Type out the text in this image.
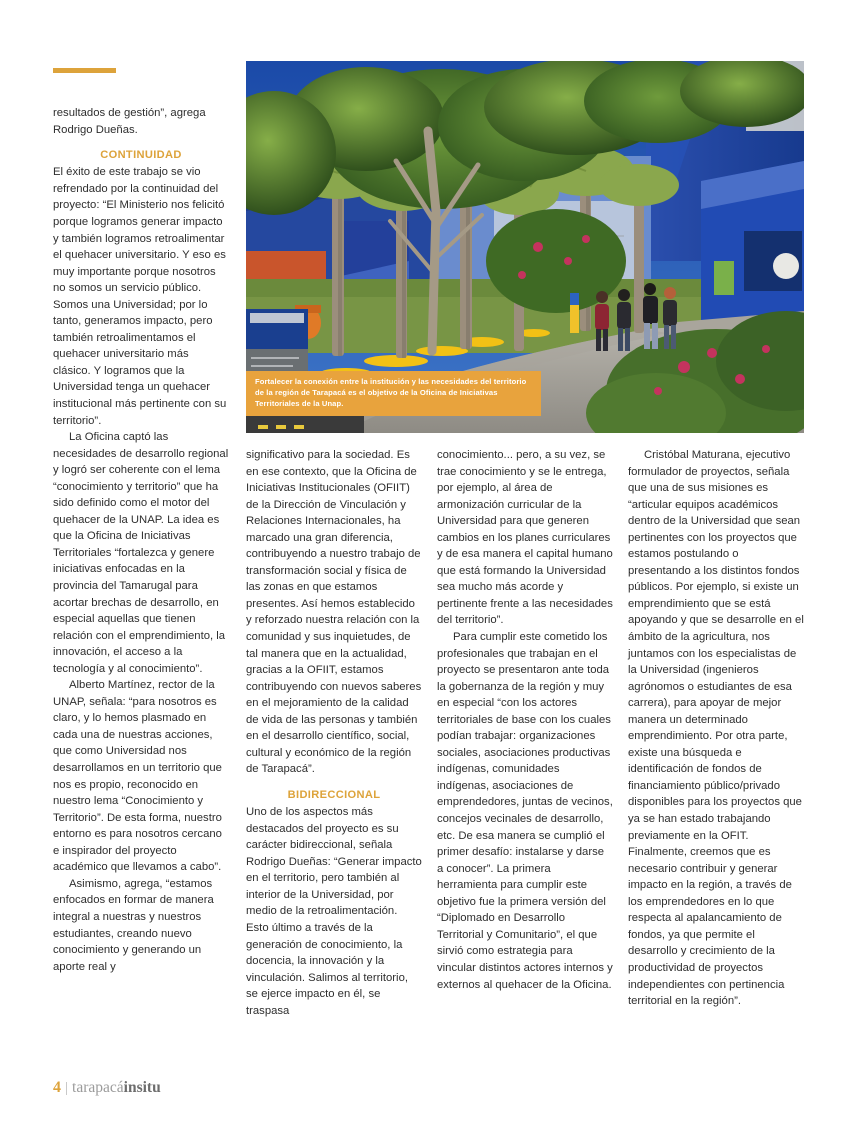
Fortalecer la conexión entre la institución y las necesidades del territorio de la región de Tarapacá es el objetivo de la Oficina de Iniciativas Territoriales de la Unap.

resultados de gestión”, agrega Rodrigo Dueñas.

CONTINUIDAD

El éxito de este trabajo se vio refrendado por la continuidad del proyecto: “El Ministerio nos felicitó porque logramos generar impacto y también logramos retroalimentar el quehacer universitario. Y eso es muy importante porque nosotros no somos un servicio público. Somos una Universidad; por lo tanto, generamos impacto, pero también retroalimentamos el quehacer universitario más clásico. Y logramos que la Universidad tenga un quehacer institucional más pertinente con su territorio”.

La Oficina captó las necesidades de desarrollo regional y logró ser coherente con el lema “conocimiento y territorio” que ha sido definido como el motor del quehacer de la UNAP. La idea es que la Oficina de Iniciativas Territoriales “fortalezca y genere iniciativas enfocadas en la provincia del Tamarugal para acortar brechas de desarrollo, en especial aquellas que tienen relación con el emprendimiento, la innovación, el acceso a la tecnología y al conocimiento”.

Alberto Martínez, rector de la UNAP, señala: “para nosotros es claro, y lo hemos plasmado en cada una de nuestras acciones, que como Universidad nos desarrollamos en un territorio que nos es propio, reconocido en nuestro lema “Conocimiento y Territorio”. De esta forma, nuestro entorno es para nosotros cercano e inspirador del proyecto académico que llevamos a cabo”.

Asimismo, agrega, “estamos enfocados en formar de manera integral a nuestras y nuestros estudiantes, creando nuevo conocimiento y generando un aporte real y

significativo para la sociedad. Es en ese contexto, que la Oficina de Iniciativas Institucionales (OFIIT) de la Dirección de Vinculación y Relaciones Internacionales, ha marcado una gran diferencia, contribuyendo a nuestro trabajo de transformación social y física de las zonas en que estamos presentes. Así hemos establecido y reforzado nuestra relación con la comunidad y sus inquietudes, de tal manera que en la actualidad, gracias a la OFIIT, estamos contribuyendo con nuevos saberes en el mejoramiento de la calidad de vida de las personas y también en el desarrollo científico, social, cultural y económico de la región de Tarapacá”.

BIDIRECCIONAL

Uno de los aspectos más destacados del proyecto es su carácter bidireccional, señala Rodrigo Dueñas: “Generar impacto en el territorio, pero también al interior de la Universidad, por medio de la retroalimentación. Esto último a través de la generación de conocimiento, la docencia, la innovación y la vinculación. Salimos al territorio, se ejerce impacto en él, se traspasa

conocimiento... pero, a su vez, se trae conocimiento y se le entrega, por ejemplo, al área de armonización curricular de la Universidad para que generen cambios en los planes curriculares y de esa manera el capital humano que está formando la Universidad sea mucho más acorde y pertinente frente a las necesidades del territorio”.

Para cumplir este cometido los profesionales que trabajan en el proyecto se presentaron ante toda la gobernanza de la región y muy en especial “con los actores territoriales de base con los cuales podían trabajar: organizaciones sociales, asociaciones productivas indígenas, comunidades indígenas, asociaciones de emprendedores, juntas de vecinos, concejos vecinales de desarrollo, etc. De esa manera se cumplió el primer desafío: instalarse y darse a conocer”. La primera herramienta para cumplir este objetivo fue la primera versión del “Diplomado en Desarrollo Territorial y Comunitario”, el que sirvió como estrategia para vincular distintos actores internos y externos al quehacer de la Oficina.

Cristóbal Maturana, ejecutivo formulador de proyectos, señala que una de sus misiones es “articular equipos académicos dentro de la Universidad que sean pertinentes con los proyectos que estamos postulando o presentando a los distintos fondos públicos. Por ejemplo, si existe un emprendimiento que se está apoyando y que se desarrolle en el ámbito de la agricultura, nos juntamos con los especialistas de la Universidad (ingenieros agrónomos o estudiantes de esa carrera), para apoyar de mejor manera un determinado emprendimiento. Por otra parte, existe una búsqueda e identificación de fondos de financiamiento público/privado disponibles para los proyectos que ya se han estado trabajando previamente en la OFIT. Finalmente, creemos que es necesario contribuir y generar impacto en la región, a través de los emprendedores en lo que respecta al apalancamiento de fondos, ya que permite el desarrollo y crecimiento de la productividad de proyectos independientes con pertinencia territorial en la región”.

4 | tarapacáinsitu
